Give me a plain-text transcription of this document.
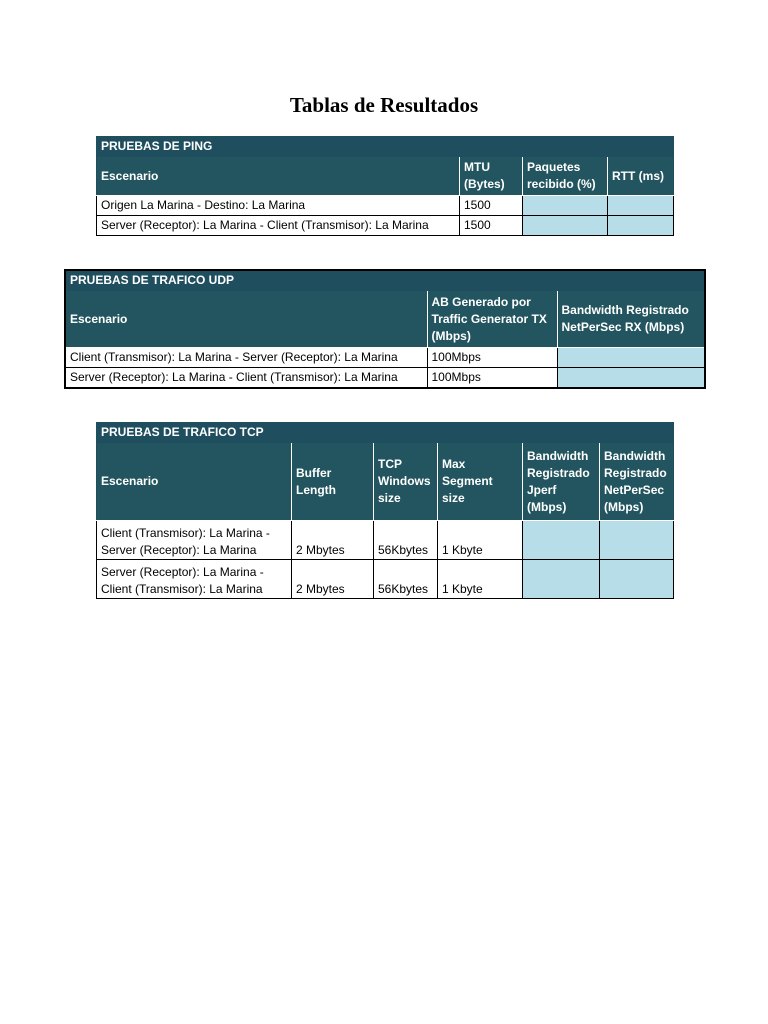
Tablas de Resultados
PRUEBAS DE PING			
Escenario	MTU (Bytes)	Paquetes recibido (%)	RTT (ms)
Origen La Marina - Destino: La Marina	1500		
Server (Receptor): La Marina - Client (Transmisor): La Marina	1500		
PRUEBAS DE TRAFICO UDP		
Escenario	AB Generado por Traffic Generator TX (Mbps)	Bandwidth Registrado NetPerSec RX (Mbps)
Client (Transmisor): La Marina - Server (Receptor): La Marina	100Mbps	
Server (Receptor): La Marina - Client (Transmisor): La Marina	100Mbps	
PRUEBAS DE TRAFICO TCP					
Escenario	Buffer Length	TCP Windows size	Max Segment size	Bandwidth Registrado Jperf (Mbps)	Bandwidth Registrado NetPerSec (Mbps)
Client (Transmisor): La Marina - Server (Receptor): La Marina	2 Mbytes	56Kbytes	1 Kbyte		
Server (Receptor): La Marina - Client (Transmisor): La Marina	2 Mbytes	56Kbytes	1 Kbyte		
